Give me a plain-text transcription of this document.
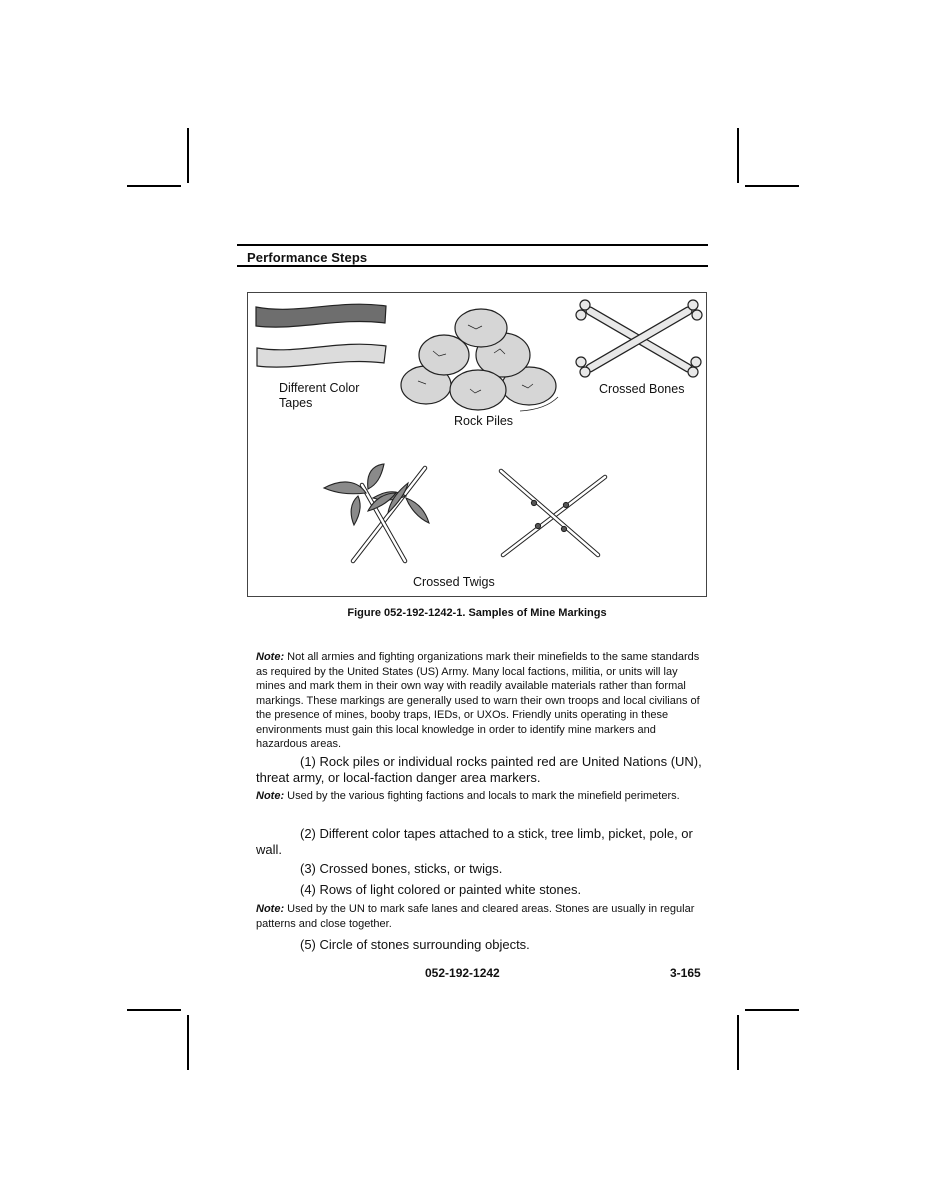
Performance Steps
Different Color Tapes
Rock Piles
Crossed Bones
Crossed Twigs
Figure 052-192-1242-1. Samples of Mine Markings
Note: Not all armies and fighting organizations mark their minefields to the same standards as required by the United States (US) Army. Many local factions, militia, or units will lay mines and mark them in their own way with readily available materials rather than formal markings. These markings are generally used to warn their own troops and local civilians of the presence of mines, booby traps, IEDs, or UXOs. Friendly units operating in these environments must gain this local knowledge in order to identify mine markers and hazardous areas.
(1) Rock piles or individual rocks painted red are United Nations (UN), threat army, or local-faction danger area markers.
Note: Used by the various fighting factions and locals to mark the minefield perimeters.
(2) Different color tapes attached to a stick, tree limb, picket, pole, or wall.
(3) Crossed bones, sticks, or twigs.
(4) Rows of light colored or painted white stones.
Note: Used by the UN to mark safe lanes and cleared areas. Stones are usually in regular patterns and close together.
(5) Circle of stones surrounding objects.
052-192-1242	3-165
